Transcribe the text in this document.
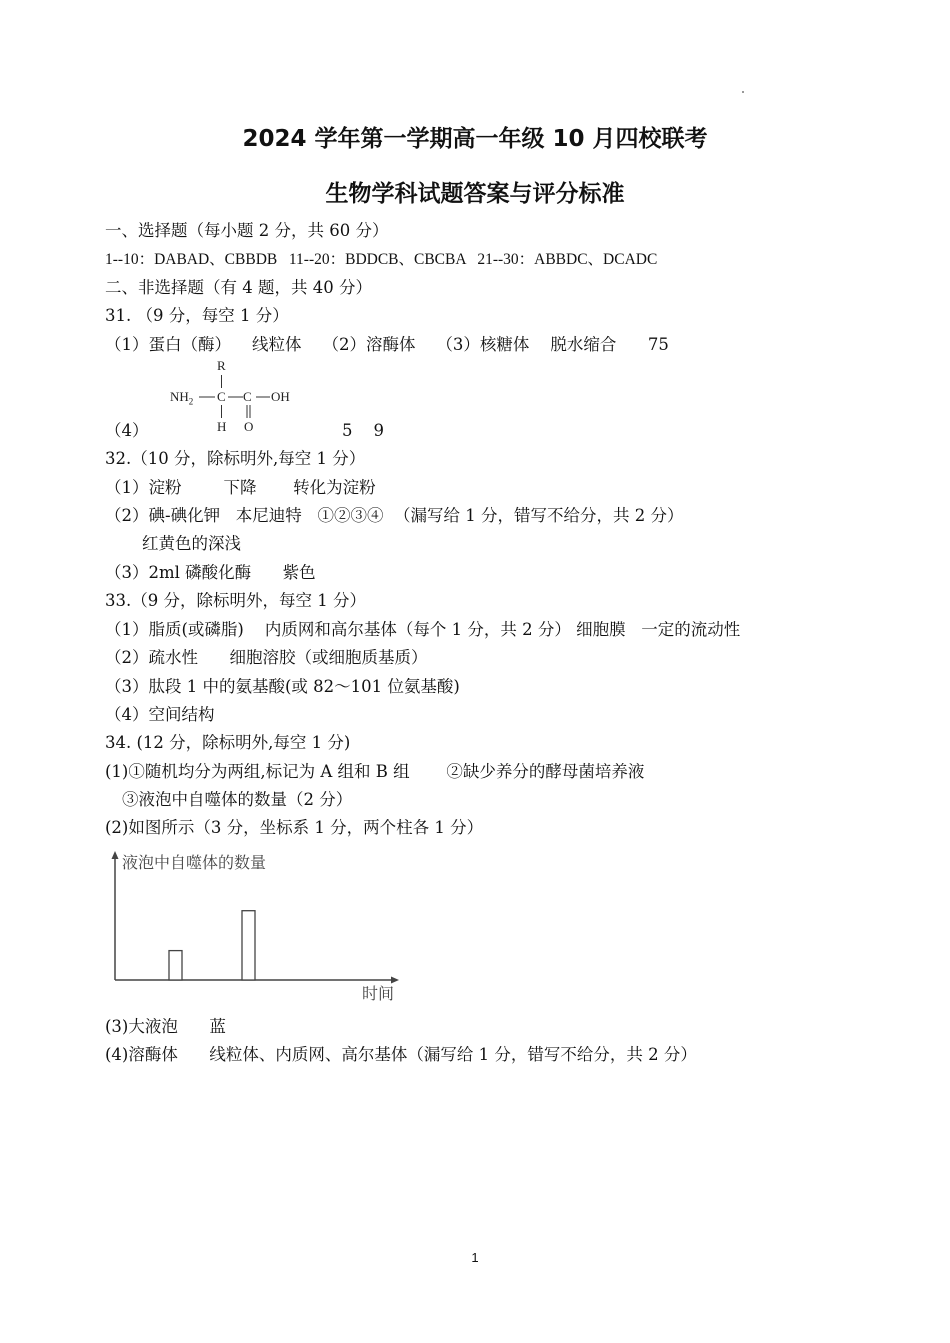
2024 学年第一学期高一年级 10 月四校联考
生物学科试题答案与评分标准
一、选择题（每小题 2 分，共 60 分）
1--10：DABAD、CBBDB   11--20：BDDCB、CBCBA   21--30：ABBDC、DCADC
二、非选择题（有 4 题，共 40 分）
31. （9 分，每空 1 分）
（1）蛋白（酶）    线粒体    （2）溶酶体    （3）核糖体    脱水缩合      75
R
$NH_2$ C C OH
H O
（4）	5    9
32.（10 分，除标明外,每空 1 分）
（1）淀粉        下降       转化为淀粉
（2）碘-碘化钾   本尼迪特   ①②③④  （漏写给 1 分，错写不给分，共 2 分）
红黄色的深浅
（3）2ml 磷酸化酶      紫色
33.（9 分，除标明外，每空 1 分）
（1）脂质(或磷脂)    内质网和高尔基体（每个 1 分，共 2 分） 细胞膜   一定的流动性
（2）疏水性      细胞溶胶（或细胞质基质）
（3）肽段 1 中的氨基酸(或 82～101 位氨基酸)
（4）空间结构
34. (12 分，除标明外,每空 1 分)
(1)①随机均分为两组,标记为 A 组和 B 组       ②缺少养分的酵母菌培养液
③液泡中自噬体的数量（2 分）
(2)如图所示（3 分，坐标系 1 分，两个柱各 1 分）
液泡中自噬体的数量
时间
(3)大液泡      蓝
(4)溶酶体      线粒体、内质网、高尔基体（漏写给 1 分，错写不给分，共 2 分）
1
